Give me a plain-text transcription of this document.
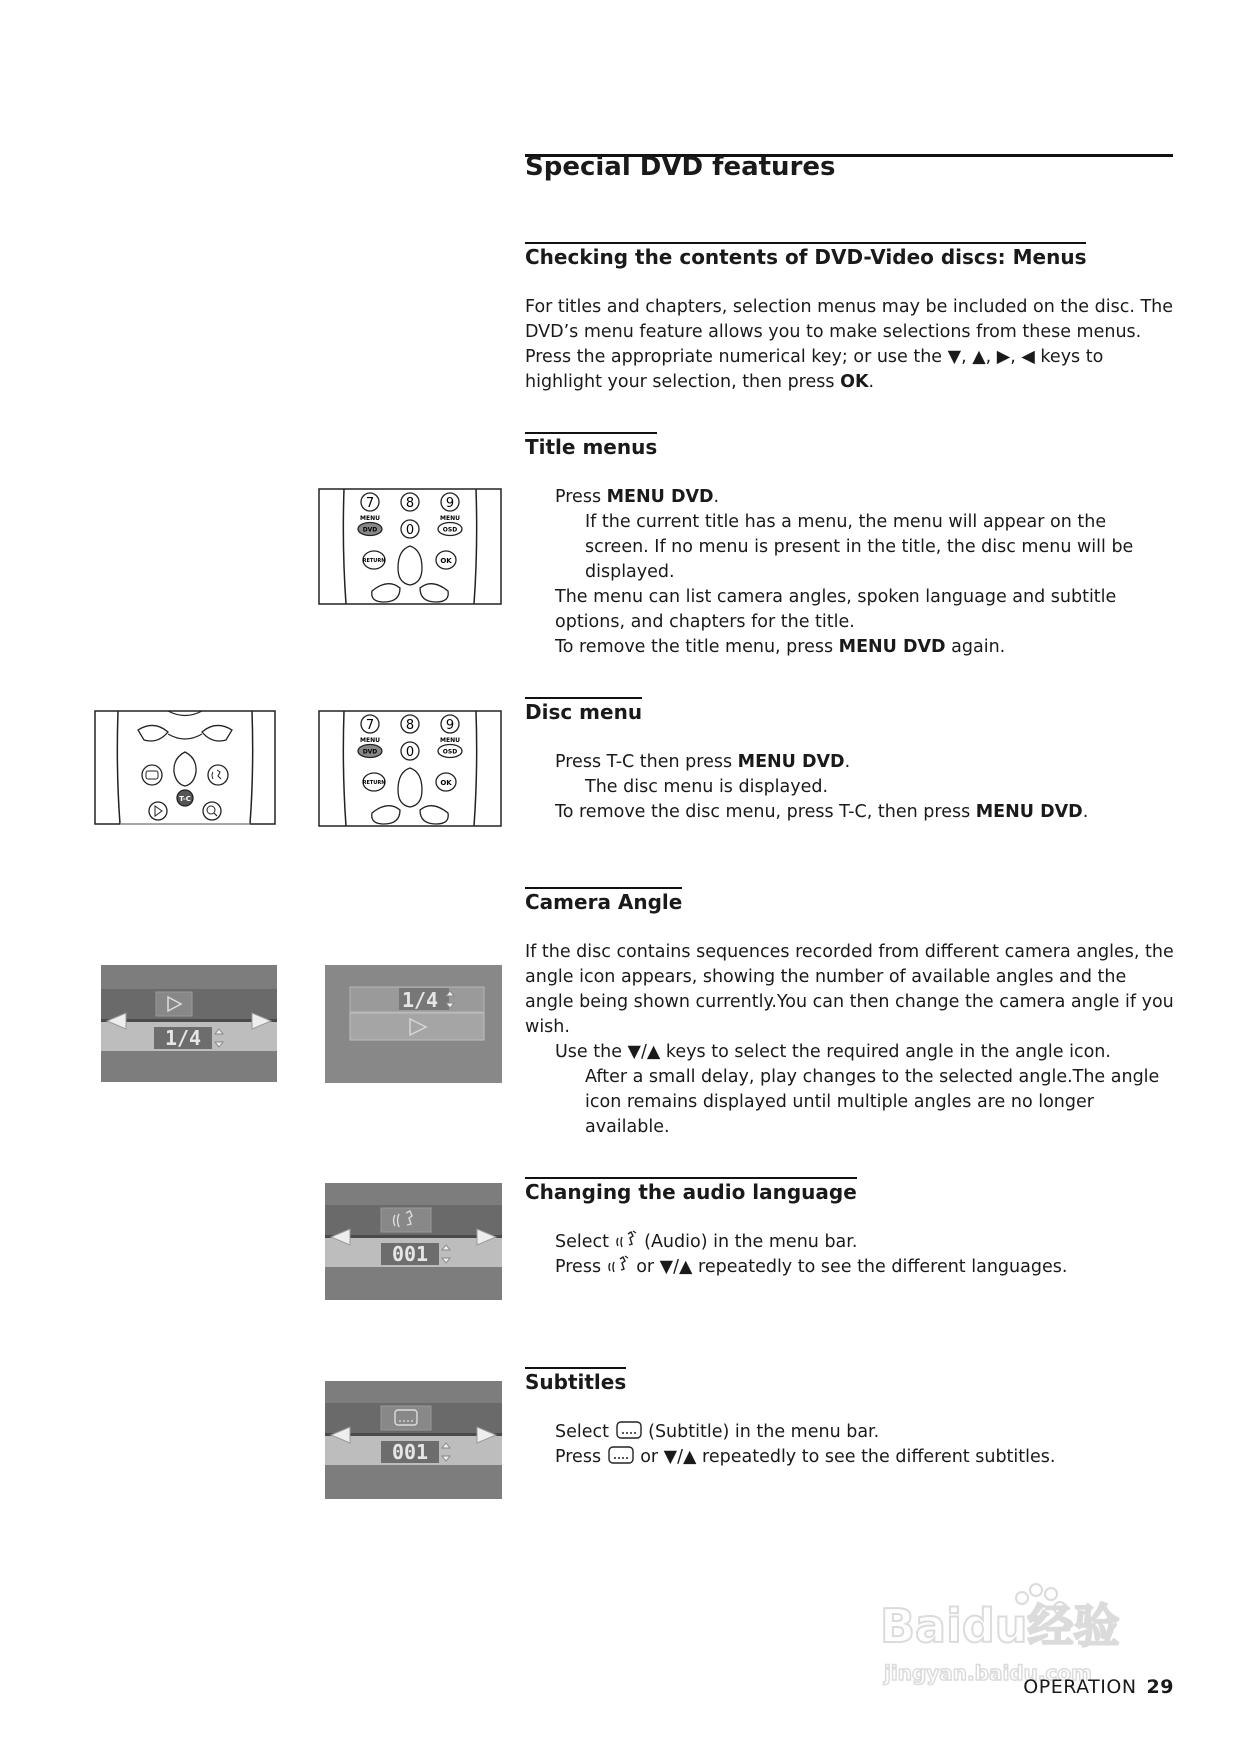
Special DVD features
Checking the contents of DVD-Video discs: Menus

For titles and chapters, selection menus may be included on the disc. The DVD’s menu feature allows you to make selections from these menus. Press the appropriate numerical key; or use the ▼, ▲, ▶, ◀ keys to highlight your selection, then press OK.

Title menus
Press MENU DVD.
If the current title has a menu, the menu will appear on the screen. If no menu is present in the title, the disc menu will be displayed.
The menu can list camera angles, spoken language and subtitle options, and chapters for the title.
To remove the title menu, press MENU DVD again.
Disc menu
Press T-C then press MENU DVD.
The disc menu is displayed.
To remove the disc menu, press T-C, then press MENU DVD.
Camera Angle

If the disc contains sequences recorded from different camera angles, the angle icon appears, showing the number of available angles and the angle being shown currently.You can then change the camera angle if you wish.

Use the ▼/▲ keys to select the required angle in the angle icon.
After a small delay, play changes to the selected angle.The angle icon remains displayed until multiple angles are no longer available.
Changing the audio language
Select  (Audio) in the menu bar.
Press  or ▼/▲ repeatedly to see the different languages.
Subtitles
Select  (Subtitle) in the menu bar.
Press  or ▼/▲ repeatedly to see the different subtitles.
7 8 9
MENU	MENU
DVD 0	OSD
RETURN	OK
T-C
7 8 9
MENU	MENU
DVD 0	OSD
RETURN	OK
1/4
1/4
001
001
Baidu经验
jingyan.baidu.com
OPERATION 29
